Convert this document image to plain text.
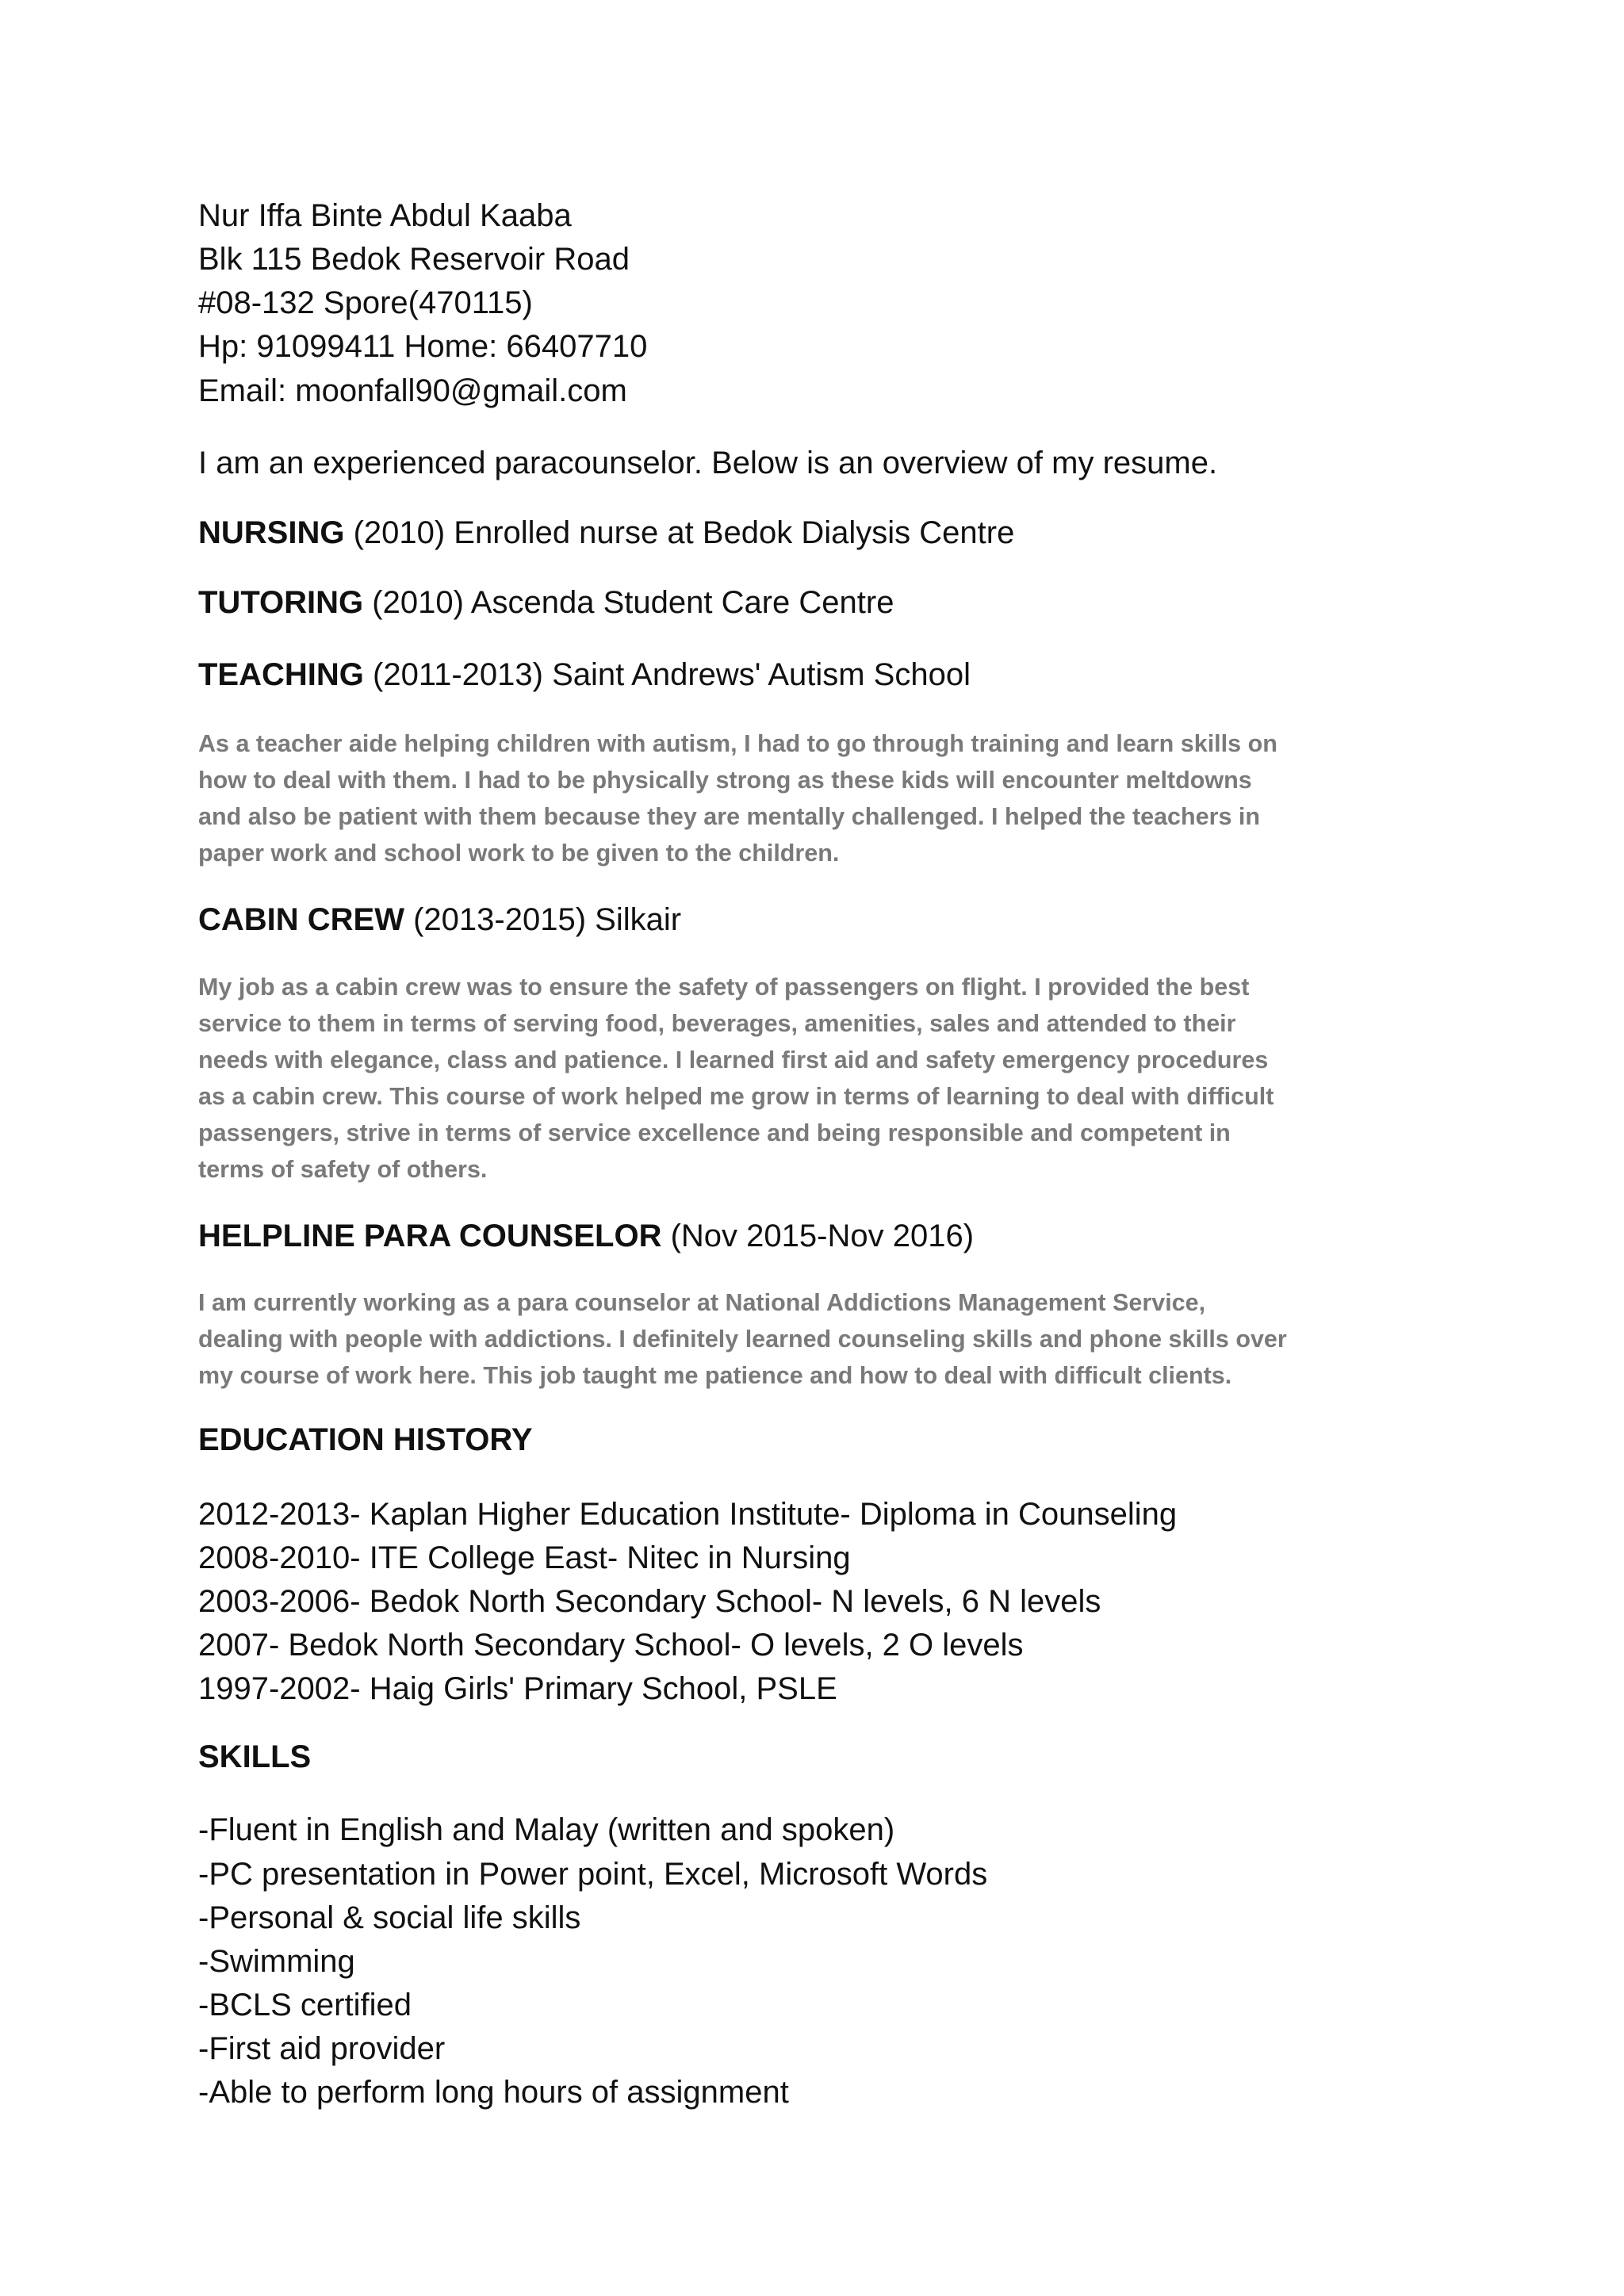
Nur Iffa Binte Abdul Kaaba
Blk 115 Bedok Reservoir Road
#08-132 Spore(470115)
Hp: 91099411 Home: 66407710
Email: moonfall90@gmail.com
I am an experienced paracounselor. Below is an overview of my resume.
NURSING (2010) Enrolled nurse at Bedok Dialysis Centre
TUTORING (2010) Ascenda Student Care Centre
TEACHING (2011-2013) Saint Andrews' Autism School
As a teacher aide helping children with autism, I had to go through training and learn skills on
how to deal with them. I had to be physically strong as these kids will encounter meltdowns
and also be patient with them because they are mentally challenged. I helped the teachers in
paper work and school work to be given to the children.
CABIN CREW (2013-2015) Silkair
My job as a cabin crew was to ensure the safety of passengers on flight. I provided the best
service to them in terms of serving food, beverages, amenities, sales and attended to their
needs with elegance, class and patience. I learned first aid and safety emergency procedures
as a cabin crew. This course of work helped me grow in terms of learning to deal with difficult
passengers, strive in terms of service excellence and being responsible and competent in
terms of safety of others.
HELPLINE PARA COUNSELOR (Nov 2015-Nov 2016)
I am currently working as a para counselor at National Addictions Management Service,
dealing with people with addictions. I definitely learned counseling skills and phone skills over
my course of work here. This job taught me patience and how to deal with difficult clients.
EDUCATION HISTORY
2012-2013- Kaplan Higher Education Institute- Diploma in Counseling
2008-2010- ITE College East- Nitec in Nursing
2003-2006- Bedok North Secondary School- N levels, 6 N levels
2007- Bedok North Secondary School- O levels, 2 O levels
1997-2002- Haig Girls' Primary School, PSLE
SKILLS
-Fluent in English and Malay (written and spoken)
-PC presentation in Power point, Excel, Microsoft Words
-Personal & social life skills
-Swimming
-BCLS certified
-First aid provider
-Able to perform long hours of assignment
